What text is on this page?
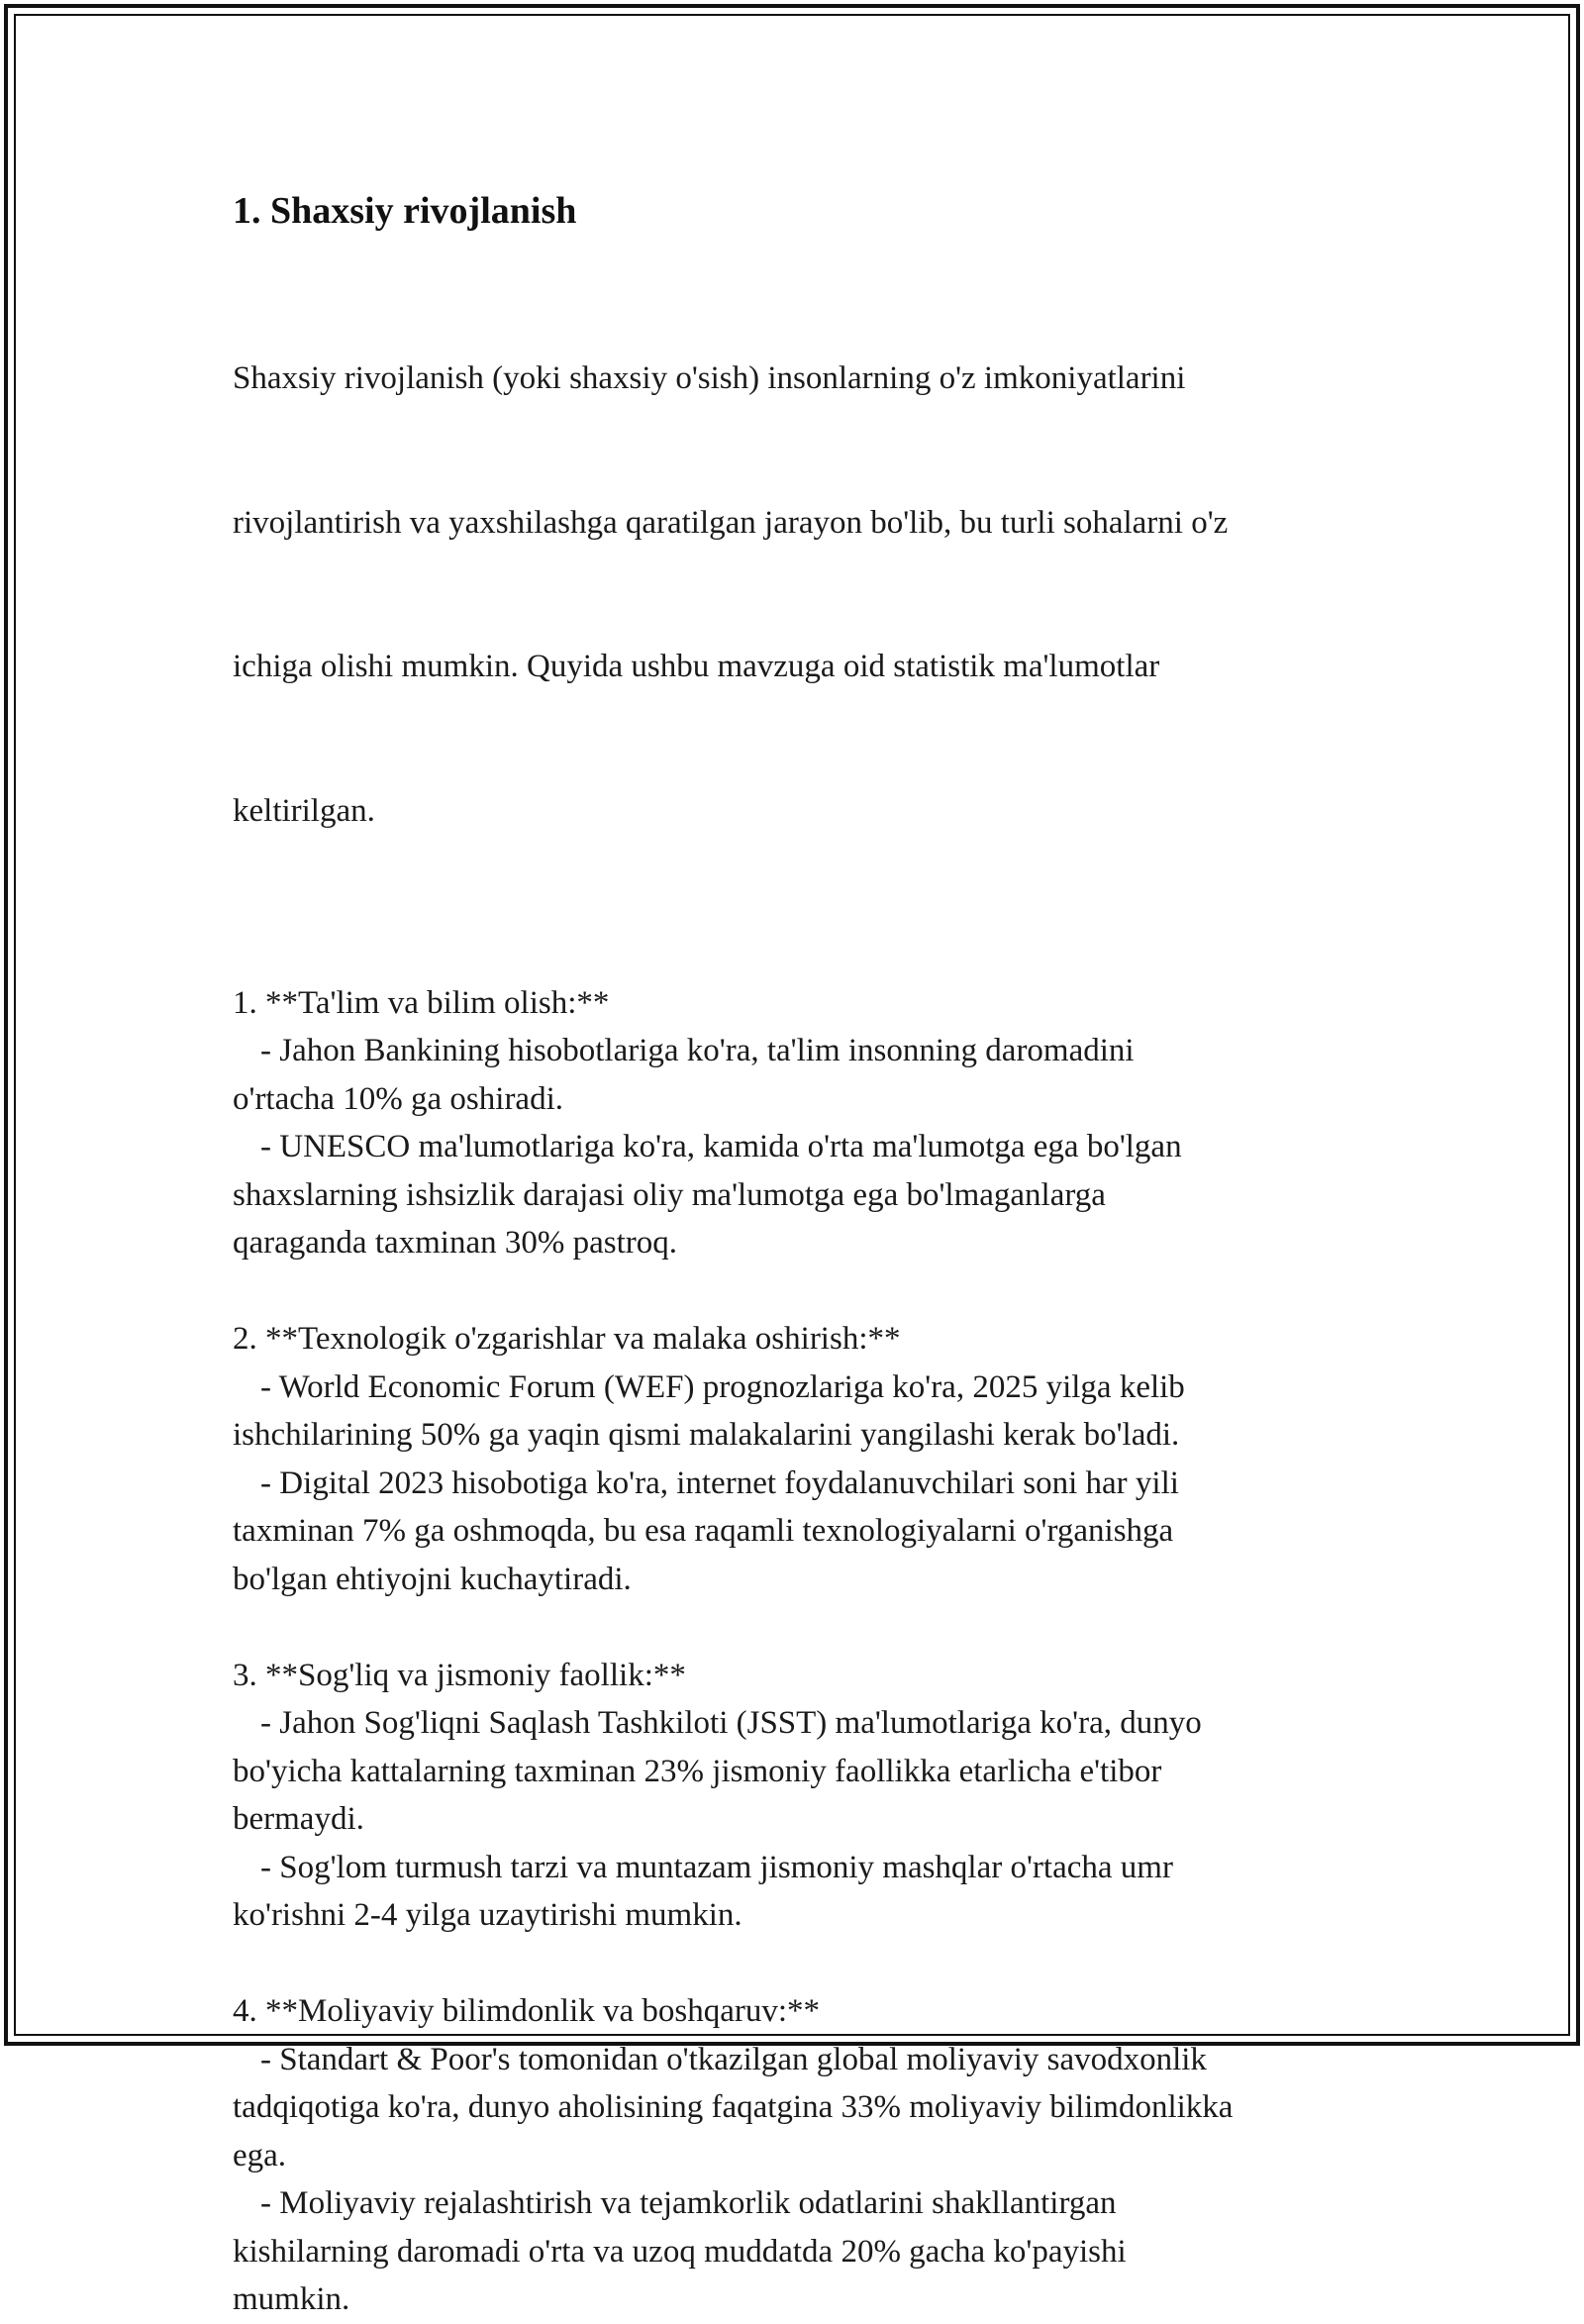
1. Shaxsiy rivojlanish

Shaxsiy rivojlanish (yoki shaxsiy o'sish) insonlarning o'z imkoniyatlarini

rivojlantirish va yaxshilashga qaratilgan jarayon bo'lib, bu turli sohalarni o'z

ichiga olishi mumkin. Quyida ushbu mavzuga oid statistik ma'lumotlar

keltirilgan.

1. **Ta'lim va bilim olish:**
- Jahon Bankining hisobotlariga ko'ra, ta'lim insonning daromadini
o'rtacha 10% ga oshiradi.
- UNESCO ma'lumotlariga ko'ra, kamida o'rta ma'lumotga ega bo'lgan
shaxslarning ishsizlik darajasi oliy ma'lumotga ega bo'lmaganlarga
qaraganda taxminan 30% pastroq.
2. **Texnologik o'zgarishlar va malaka oshirish:**
- World Economic Forum (WEF) prognozlariga ko'ra, 2025 yilga kelib
ishchilarining 50% ga yaqin qismi malakalarini yangilashi kerak bo'ladi.
- Digital 2023 hisobotiga ko'ra, internet foydalanuvchilari soni har yili
taxminan 7% ga oshmoqda, bu esa raqamli texnologiyalarni o'rganishga
bo'lgan ehtiyojni kuchaytiradi.
3. **Sog'liq va jismoniy faollik:**
- Jahon Sog'liqni Saqlash Tashkiloti (JSST) ma'lumotlariga ko'ra, dunyo
bo'yicha kattalarning taxminan 23% jismoniy faollikka etarlicha e'tibor
bermaydi.
- Sog'lom turmush tarzi va muntazam jismoniy mashqlar o'rtacha umr
ko'rishni 2-4 yilga uzaytirishi mumkin.
4. **Moliyaviy bilimdonlik va boshqaruv:**
- Standart & Poor's tomonidan o'tkazilgan global moliyaviy savodxonlik
tadqiqotiga ko'ra, dunyo aholisining faqatgina 33% moliyaviy bilimdonlikka
ega.
- Moliyaviy rejalashtirish va tejamkorlik odatlarini shakllantirgan
kishilarning daromadi o'rta va uzoq muddatda 20% gacha ko'payishi
mumkin.
